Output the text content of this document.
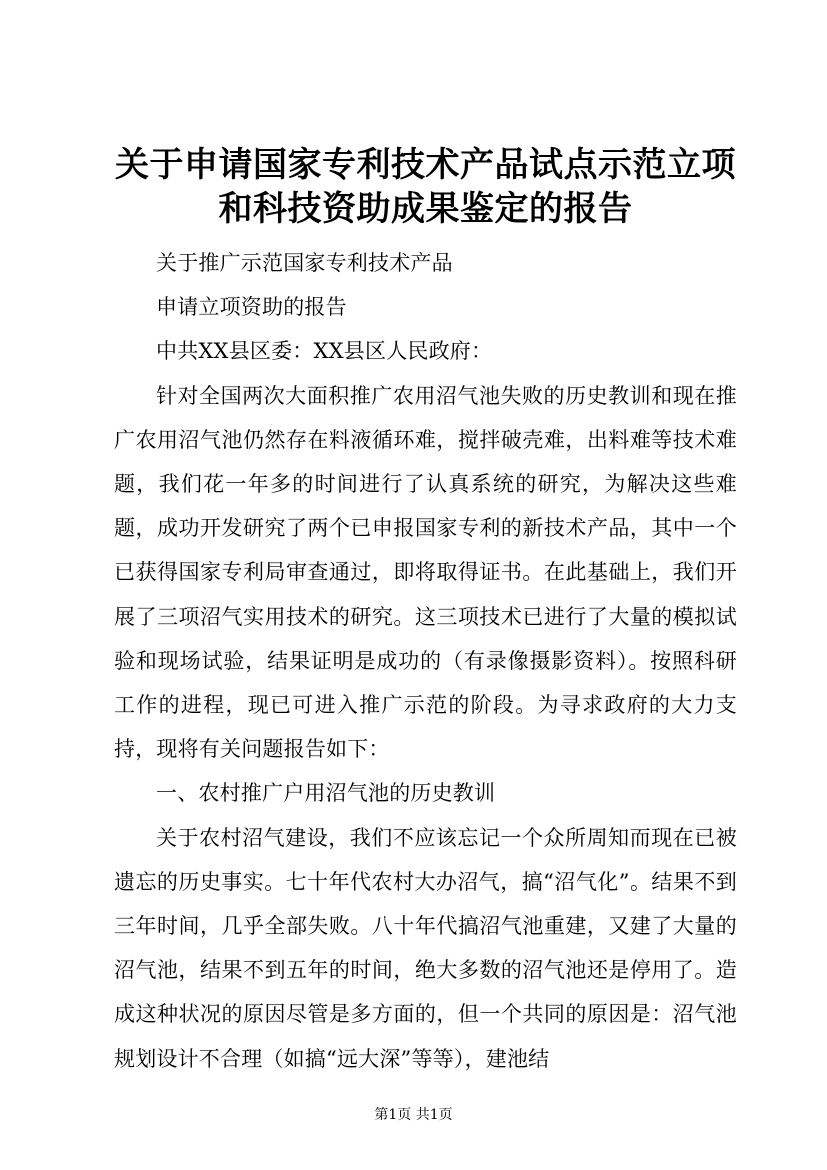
关于申请国家专利技术产品试点示范立项和科技资助成果鉴定的报告

关于推广示范国家专利技术产品

申请立项资助的报告

中共XX县区委：XX县区人民政府：

针对全国两次大面积推广农用沼气池失败的历史教训和现在推广农用沼气池仍然存在料液循环难，搅拌破壳难，出料难等技术难题，我们花一年多的时间进行了认真系统的研究，为解决这些难题，成功开发研究了两个已申报国家专利的新技术产品，其中一个已获得国家专利局审查通过，即将取得证书。在此基础上，我们开展了三项沼气实用技术的研究。这三项技术已进行了大量的模拟试验和现场试验，结果证明是成功的（有录像摄影资料）。按照科研工作的进程，现已可进入推广示范的阶段。为寻求政府的大力支持，现将有关问题报告如下：

一、农村推广户用沼气池的历史教训

关于农村沼气建设，我们不应该忘记一个众所周知而现在已被遗忘的历史事实。七十年代农村大办沼气，搞“沼气化”。结果不到三年时间，几乎全部失败。八十年代搞沼气池重建，又建了大量的沼气池，结果不到五年的时间，绝大多数的沼气池还是停用了。造成这种状况的原因尽管是多方面的，但一个共同的原因是：沼气池规划设计不合理（如搞“远大深”等等），建池结

第1页 共1页
